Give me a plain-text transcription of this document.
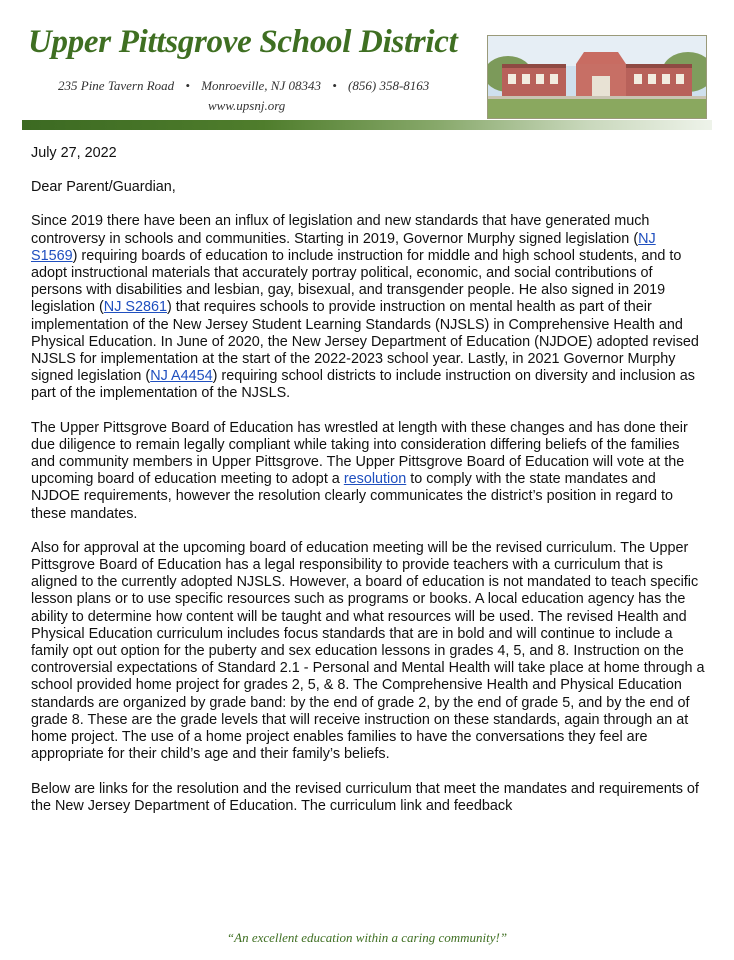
Upper Pittsgrove School District
235 Pine Tavern Road • Monroeville, NJ 08343 • (856) 358-8163
www.upsnj.org

July 27, 2022

Dear Parent/Guardian,

Since 2019 there have been an influx of legislation and new standards that have generated much controversy in schools and communities. Starting in 2019, Governor Murphy signed legislation (NJ S1569) requiring boards of education to include instruction for middle and high school students, and to adopt instructional materials that accurately portray political, economic, and social contributions of persons with disabilities and lesbian, gay, bisexual, and transgender people. He also signed in 2019 legislation (NJ S2861) that requires schools to provide instruction on mental health as part of their implementation of the New Jersey Student Learning Standards (NJSLS) in Comprehensive Health and Physical Education. In June of 2020, the New Jersey Department of Education (NJDOE) adopted revised NJSLS for implementation at the start of the 2022-2023 school year. Lastly, in 2021 Governor Murphy signed legislation (NJ A4454) requiring school districts to include instruction on diversity and inclusion as part of the implementation of the NJSLS.

The Upper Pittsgrove Board of Education has wrestled at length with these changes and has done their due diligence to remain legally compliant while taking into consideration differing beliefs of the families and community members in Upper Pittsgrove. The Upper Pittsgrove Board of Education will vote at the upcoming board of education meeting to adopt a resolution to comply with the state mandates and NJDOE requirements, however the resolution clearly communicates the district’s position in regard to these mandates.

Also for approval at the upcoming board of education meeting will be the revised curriculum. The Upper Pittsgrove Board of Education has a legal responsibility to provide teachers with a curriculum that is aligned to the currently adopted NJSLS. However, a board of education is not mandated to teach specific lesson plans or to use specific resources such as programs or books. A local education agency has the ability to determine how content will be taught and what resources will be used. The revised Health and Physical Education curriculum includes focus standards that are in bold and will continue to include a family opt out option for the puberty and sex education lessons in grades 4, 5, and 8. Instruction on the controversial expectations of Standard 2.1 - Personal and Mental Health will take place at home through a school provided home project for grades 2, 5, & 8. The Comprehensive Health and Physical Education standards are organized by grade band: by the end of grade 2, by the end of grade 5, and by the end of grade 8. These are the grade levels that will receive instruction on these standards, again through an at home project. The use of a home project enables families to have the conversations they feel are appropriate for their child’s age and their family’s beliefs.

Below are links for the resolution and the revised curriculum that meet the mandates and requirements of the New Jersey Department of Education. The curriculum link and feedback

“An excellent education within a caring community!”
